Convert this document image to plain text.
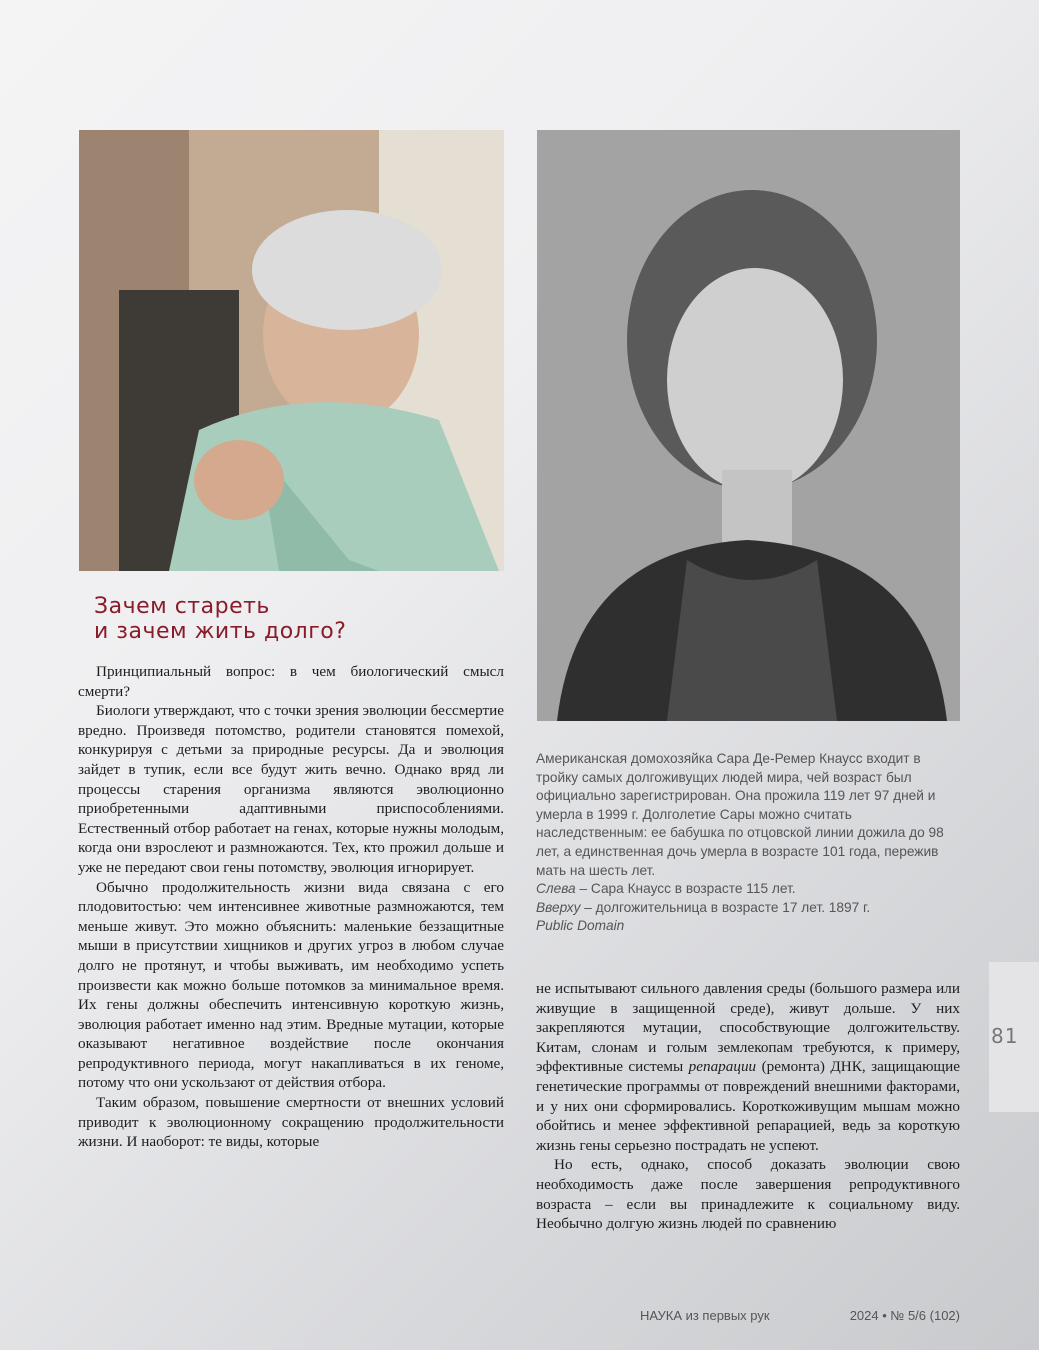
Зачем стареть
и зачем жить долго?

Принципиальный вопрос: в чем биологический смысл смерти?

Биологи утверждают, что с точки зрения эволюции бессмертие вредно. Произведя потомство, родители становятся помехой, конкурируя с детьми за природные ресурсы. Да и эволюция зайдет в тупик, если все будут жить вечно. Однако вряд ли процессы старения организма являются эволюционно приобретенными адаптивными приспособлениями. Естественный отбор работает на генах, которые нужны молодым, когда они взрослеют и размножаются. Тех, кто прожил дольше и уже не передают свои гены потомству, эволюция игнорирует.

Обычно продолжительность жизни вида связана с его плодовитостью: чем интенсивнее животные размножаются, тем меньше живут. Это можно объяснить: маленькие беззащитные мыши в присутствии хищников и других угроз в любом случае долго не протянут, и чтобы выживать, им необходимо успеть произвести как можно больше потомков за минимальное время. Их гены должны обеспечить интенсивную короткую жизнь, эволюция работает именно над этим. Вредные мутации, которые оказывают негативное воздействие после окончания репродуктивного периода, могут накапливаться в их геноме, потому что они ускользают от действия отбора.

Таким образом, повышение смертности от внешних условий приводит к эволюционному сокращению продолжительности жизни. И наоборот: те виды, которые

Американская домохозяйка Сара Де-Ремер Кнаусс входит в тройку самых долгоживущих людей мира, чей возраст был официально зарегистрирован. Она прожила 119 лет 97 дней и умерла в 1999 г. Долголетие Сары можно считать наследственным: ее бабушка по отцовской линии дожила до 98 лет, а единственная дочь умерла в возрасте 101 года, пережив мать на шесть лет.
Слева – Сара Кнаусс в возрасте 115 лет.
Вверху – долгожительница в возрасте 17 лет. 1897 г.
Public Domain

не испытывают сильного давления среды (большого размера или живущие в защищенной среде), живут дольше. У них закрепляются мутации, способствующие долгожительству. Китам, слонам и голым землекопам требуются, к примеру, эффективные системы репарации (ремонта) ДНК, защищающие генетические программы от повреждений внешними факторами, и у них они сформировались. Короткоживущим мышам можно обойтись и менее эффективной репарацией, ведь за короткую жизнь гены серьезно пострадать не успеют.

Но есть, однако, способ доказать эволюции свою необходимость даже после завершения репродуктивного возраста – если вы принадлежите к социальному виду. Необычно долгую жизнь людей по сравнению

81
НАУКА из первых рук	2024 • № 5/6 (102)
